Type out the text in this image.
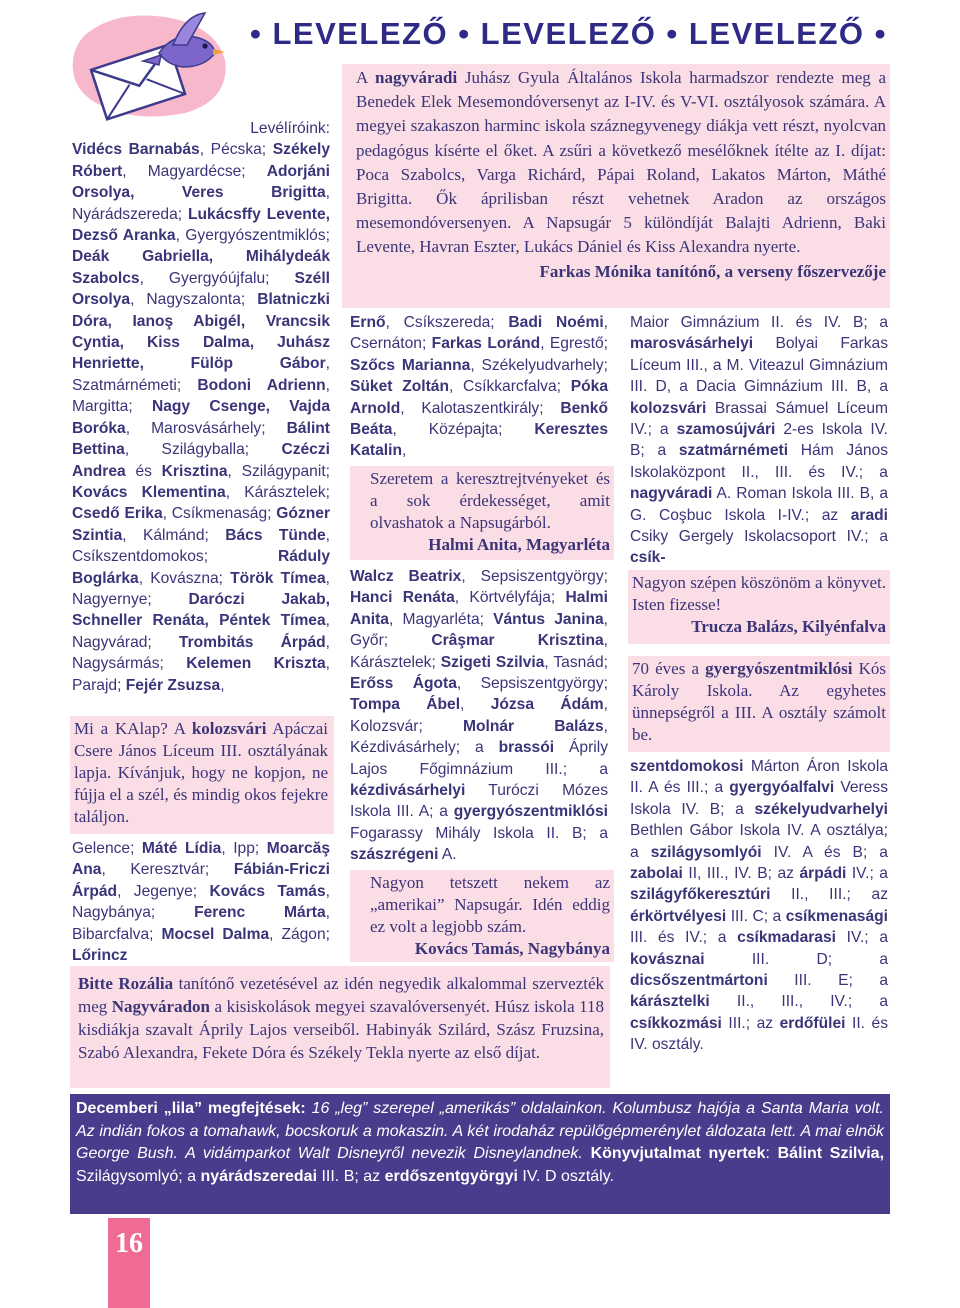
• LEVELEZŐ • LEVELEZŐ • LEVELEZŐ •
Levélíróink:
Vidécs Barnabás, Pécska; Székely Róbert, Magyardécse; Adorjáni Orsolya, Veres Brigitta, Nyárádszereda; Lukácsffy Levente, Dezső Aranka, Gyergyószentmiklós; Deák Gabriella, Mihálydeák Szabolcs, Gyergyóújfalu; Széll Orsolya, Nagyszalonta; Blatniczki Dóra, Ianoş Abigél, Vrancsik Cyntia, Kiss Dalma, Juhász Henriette, Fülöp Gábor, Szatmárnémeti; Bodoni Adrienn, Margitta; Nagy Csenge, Vajda Boróka, Marosvásárhely; Bálint Bettina, Szilágyballa; Czéczi Andrea és Krisztina, Szilágypanit; Kovács Klementina, Kárásztelek; Csedő Erika, Csíkmenaság; Gózner Szintia, Kálmánd; Bács Tünde, Csíkszentdomokos; Ráduly Boglárka, Kovászna; Török Tímea, Nagyernye; Daróczi Jakab, Schneller Renáta, Péntek Tímea, Nagyvárad; Trombitás Árpád, Nagysármás; Kelemen Kriszta, Parajd; Fejér Zsuzsa,
Mi a KAlap? A kolozsvári Apáczai Csere János Líceum III. osztályának lapja. Kívánjuk, hogy ne kopjon, ne fújja el a szél, és mindig okos fejekre találjon.
Gelence; Máté Lídia, Ipp; Moarcăş Ana, Keresztvár; Fábián-Friczi Árpád, Jegenye; Kovács Tamás, Nagybánya; Ferenc Márta, Bibarcfalva; Mocsel Dalma, Zágon; Lőrincz
A nagyváradi Juhász Gyula Általános Iskola harmadszor rendezte meg a Benedek Elek Mesemondóversenyt az I-IV. és V-VI. osztályosok számára. A megyei szakaszon harminc iskola száznegyvenegy diákja vett részt, nyolcvan pedagógus kísérte el őket. A zsűri a következő mesélőknek ítélte az I. díjat: Poca Szabolcs, Varga Richárd, Pápai Roland, Lakatos Márton, Máthé Brigitta. Ők áprilisban részt vehetnek Aradon az országos mesemondóversenyen. A Napsugár 5 különdíját Balajti Adrienn, Baki Levente, Havran Eszter, Lukács Dániel és Kiss Alexandra nyerte.
Farkas Mónika tanítónő, a verseny főszervezője
Ernő, Csíkszereda; Badi Noémi, Csernáton; Farkas Loránd, Egrestő; Szőcs Marianna, Székelyudvarhely; Süket Zoltán, Csíkkarcfalva; Póka Arnold, Kalotaszentkirály; Benkő Beáta, Középajta; Keresztes Katalin,
Szeretem a keresztrejtvényeket és a sok érdekességet, amit olvashatok a Napsugárból.
Halmi Anita, Magyarléta
Walcz Beatrix, Sepsiszentgyörgy; Hanci Renáta, Körtvélyfája; Halmi Anita, Magyarléta; Vántus Janina, Győr; Crâşmar Krisztina, Kárásztelek; Szigeti Szilvia, Tasnád; Erőss Ágota, Sepsiszentgyörgy; Tompa Ábel, Józsa Ádám, Kolozsvár; Molnár Balázs, Kézdivásárhely; a brassói Áprily Lajos Főgimnázium III.; a kézdivásárhelyi Turóczi Mózes Iskola III. A; a gyergyószentmiklósi Fogarassy Mihály Iskola II. B; a szászrégeni A.
Nagyon tetszett nekem az „amerikai” Napsugár. Idén eddig ez volt a legjobb szám.
Kovács Tamás, Nagybánya
Maior Gimnázium II. és IV. B; a marosvásárhelyi Bolyai Farkas Líceum III., a M. Viteazul Gimnázium III. D, a Dacia Gimnázium III. B, a kolozsvári Brassai Sámuel Líceum IV.; a szamosújvári 2-es Iskola IV. B; a szatmárnémeti Hám János Iskolaközpont II., III. és IV.; a nagyváradi A. Roman Iskola III. B, a G. Coşbuc Iskola I-IV.; az aradi Csiky Gergely Iskolacsoport IV.; a csík-
Nagyon szépen köszönöm a könyvet. Isten fizesse!
Trucza Balázs, Kilyénfalva
70 éves a gyergyószentmiklósi Kós Károly Iskola. Az egyhetes ünnepségről a III. A osztály számolt be.
szentdomokosi Márton Áron Iskola II. A és III.; a gyergyóalfalvi Veress Iskola IV. B; a székelyudvarhelyi Bethlen Gábor Iskola IV. A osztálya; a szilágysomlyói IV. A és B; a zabolai II, III., IV. B; az árpádi IV.; a szilágyfőkeresztúri II., III.; az érkörtvélyesi III. C; a csíkmenasági III. és IV.; a csíkmadarasi IV.; a kovásznai III. D; a dicsőszentmártoni III. E; a kárásztelki II., III., IV.; a csíkkozmási III.; az erdőfülei II. és IV. osztály.
Bitte Rozália tanítónő vezetésével az idén negyedik alkalommal szervezték meg Nagyváradon a kisiskolások megyei szavalóversenyét. Húsz iskola 118 kisdiákja szavalt Áprily Lajos verseiből. Habinyák Szilárd, Szász Fruzsina, Szabó Alexandra, Fekete Dóra és Székely Tekla nyerte az első díjat.
Decemberi „lila” megfejtések: 16 „leg” szerepel „amerikás” oldalainkon. Kolumbusz hajója a Santa Maria volt. Az indián fokos a tomahawk, bocskoruk a mokaszin. A két irodaház repülőgépmerénylet áldozata lett. A mai elnök George Bush. A vidámparkot Walt Disneyről nevezik Disneylandnek. Könyvjutalmat nyertek: Bálint Szilvia, Szilágysomlyó; a nyárádszeredai III. B; az erdőszentgyörgyi IV. D osztály.
16
